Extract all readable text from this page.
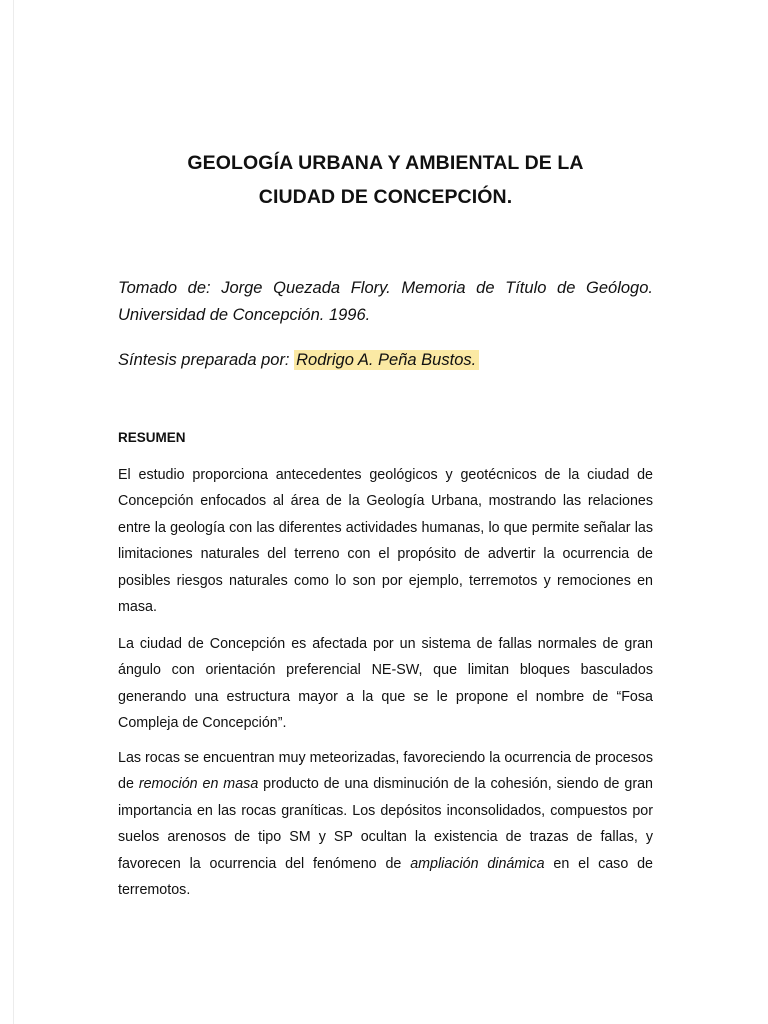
GEOLOGÍA URBANA Y AMBIENTAL DE LA
CIUDAD DE CONCEPCIÓN.
Tomado de: Jorge Quezada Flory. Memoria de Título de Geólogo. Universidad de Concepción. 1996.
Síntesis preparada por: Rodrigo A. Peña Bustos.
RESUMEN

El estudio proporciona antecedentes geológicos y geotécnicos de la ciudad de Concepción enfocados al área de la Geología Urbana, mostrando las relaciones entre la geología con las diferentes actividades humanas, lo que permite señalar las limitaciones naturales del terreno con el propósito de advertir la ocurrencia de posibles riesgos naturales como lo son por ejemplo, terremotos y remociones en masa.

La ciudad de Concepción es afectada por un sistema de fallas normales de gran ángulo con orientación preferencial NE-SW, que limitan bloques basculados generando una estructura mayor a la que se le propone el nombre de “Fosa Compleja de Concepción”.

Las rocas se encuentran muy meteorizadas, favoreciendo la ocurrencia de procesos de remoción en masa producto de una disminución de la cohesión, siendo de gran importancia en las rocas graníticas. Los depósitos inconsolidados, compuestos por suelos arenosos de tipo SM y SP ocultan la existencia de trazas de fallas, y favorecen la ocurrencia del fenómeno de ampliación dinámica en el caso de terremotos.
